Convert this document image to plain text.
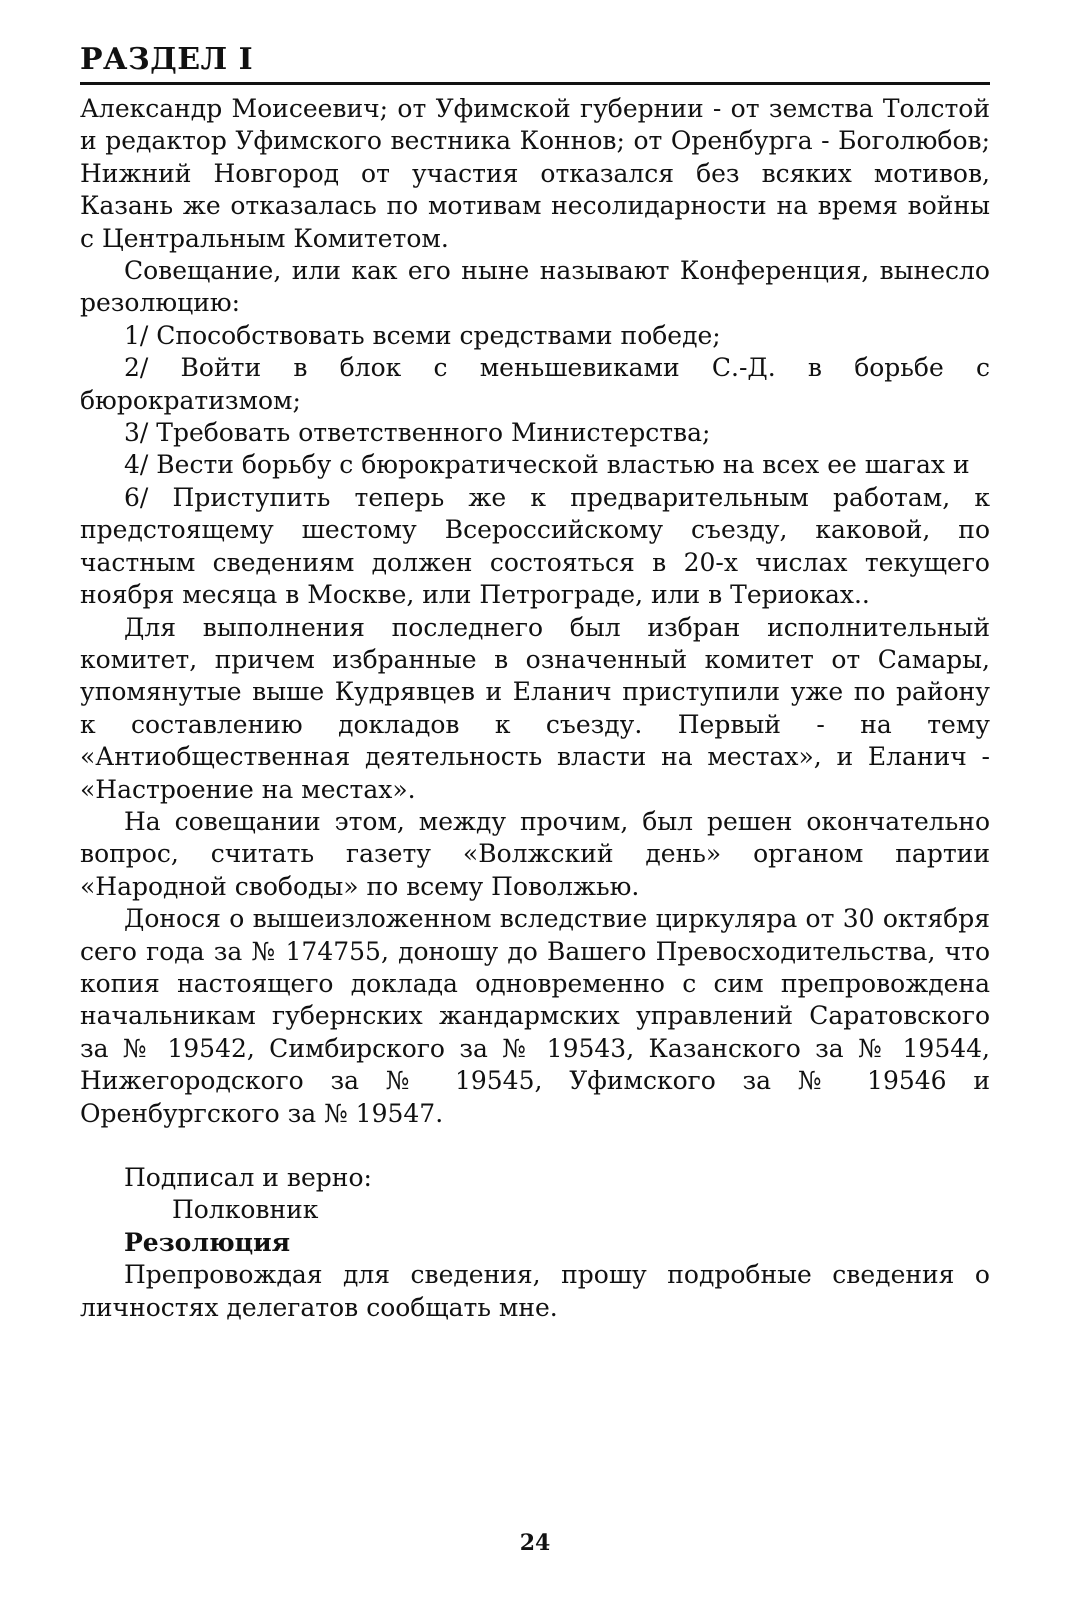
РАЗДЕЛ I

Александр Моисеевич; от Уфимской губернии - от земства Толстой и редактор Уфимского вестника Коннов; от Оренбурга - Боголюбов; Нижний Новгород от участия отказался без всяких мотивов, Казань же отказалась по мотивам несолидарности на время войны с Центральным Комитетом.

Совещание, или как его ныне называют Конференция, вынесло резолюцию:

1/ Способствовать всеми средствами победе;

2/ Войти в блок с меньшевиками С.-Д. в борьбе с бюрократизмом;

3/ Требовать ответственного Министерства;

4/ Вести борьбу с бюрократической властью на всех ее шагах и

6/ Приступить теперь же к предварительным работам, к предстоящему шестому Всероссийскому съезду, каковой, по частным сведениям должен состояться в 20-х числах текущего ноября месяца в Москве, или Петрограде, или в Териоках..

Для выполнения последнего был избран исполнительный комитет, причем избранные в означенный комитет от Самары, упомянутые выше Кудрявцев и Еланич приступили уже по району к составлению докладов к съезду. Первый - на тему «Антиобщественная деятельность власти на местах», и Еланич - «Настроение на местах».

На совещании этом, между прочим, был решен окончательно вопрос, считать газету «Волжский день» органом партии «Народной свободы» по всему Поволжью.

Донося о вышеизложенном вследствие циркуляра от 30 октября сего года за № 174755, доношу до Вашего Превосходительства, что копия настоящего доклада одновременно с сим препровождена начальникам губернских жандармских управлений Саратовского за № 19542, Симбирского за № 19543, Казанского за № 19544, Нижегородского за № 19545, Уфимского за № 19546 и Оренбургского за № 19547.

Подписал и верно:

Полковник

Резолюция

Препровождая для сведения, прошу подробные сведения о личностях делегатов сообщать мне.

24
